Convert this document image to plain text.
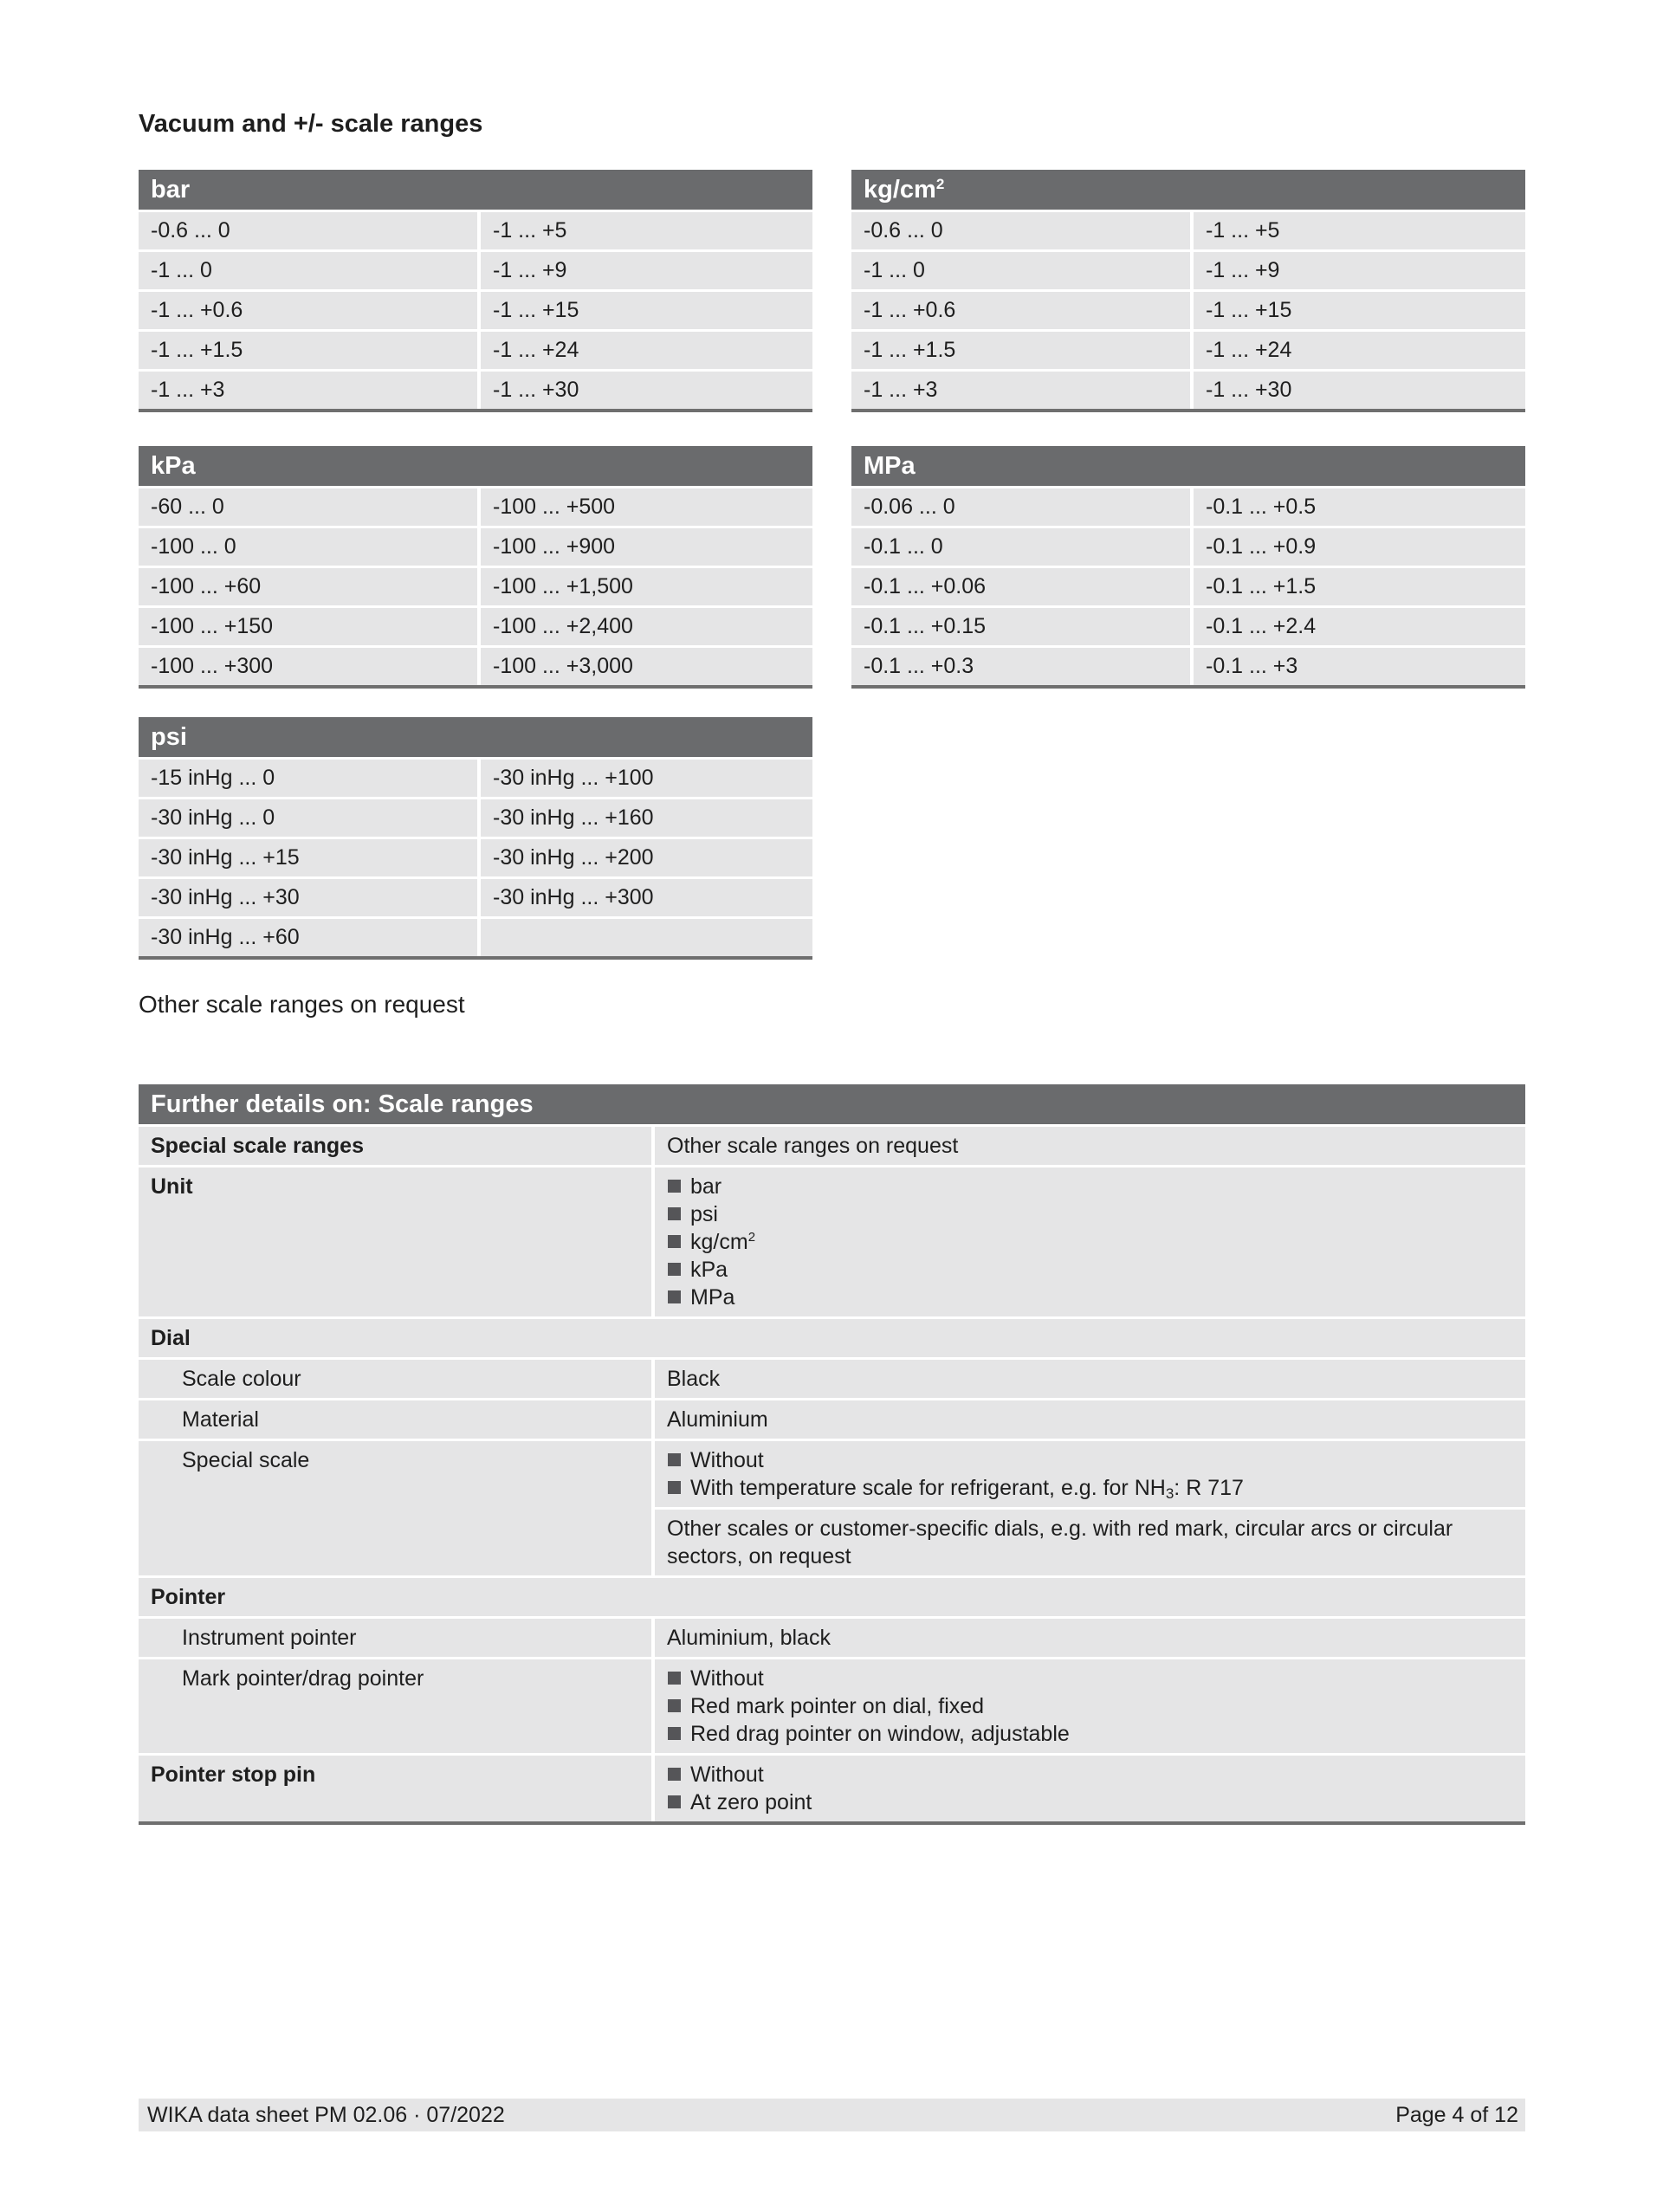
Vacuum and +/- scale ranges
bar
-0.6 ... 0	-1 ... +5
-1 ... 0	-1 ... +9
-1 ... +0.6	-1 ... +15
-1 ... +1.5	-1 ... +24
-1 ... +3	-1 ... +30
$kg/cm^2$
-0.6 ... 0	-1 ... +5
-1 ... 0	-1 ... +9
-1 ... +0.6	-1 ... +15
-1 ... +1.5	-1 ... +24
-1 ... +3	-1 ... +30
kPa
-60 ... 0	-100 ... +500
-100 ... 0	-100 ... +900
-100 ... +60	-100 ... +1,500
-100 ... +150	-100 ... +2,400
-100 ... +300	-100 ... +3,000
MPa
-0.06 ... 0	-0.1 ... +0.5
-0.1 ... 0	-0.1 ... +0.9
-0.1 ... +0.06	-0.1 ... +1.5
-0.1 ... +0.15	-0.1 ... +2.4
-0.1 ... +0.3	-0.1 ... +3
psi
-15 inHg ... 0	-30 inHg ... +100
-30 inHg ... 0	-30 inHg ... +160
-30 inHg ... +15	-30 inHg ... +200
-30 inHg ... +30	-30 inHg ... +300
-30 inHg ... +60
Other scale ranges on request
Further details on: Scale ranges
Special scale ranges	Other scale ranges on request
Unit	bar
psi
$kg/cm^2$
kPa
MPa
Dial
Scale colour	Black
Material	Aluminium
Special scale	Without
With temperature scale for refrigerant, e.g. for $NH_3$: R 717
Other scales or customer-specific dials, e.g. with red mark, circular arcs or circular sectors, on request
Pointer
Instrument pointer	Aluminium, black
Mark pointer/drag pointer	Without
Red mark pointer on dial, fixed
Red drag pointer on window, adjustable
Pointer stop pin	Without
At zero point
WIKA data sheet PM 02.06 · 07/2022	Page 4 of 12
